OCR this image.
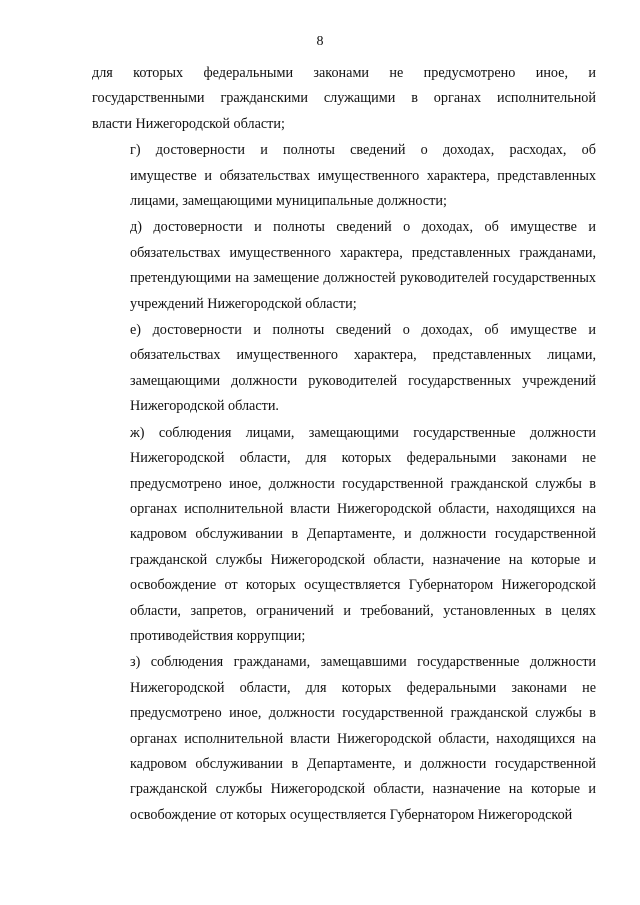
8

для которых федеральными законами не предусмотрено иное, и
государственными гражданскими служащими в органах исполнительной
власти Нижегородской области;

г) достоверности и полноты сведений о доходах, расходах, об
имуществе и обязательствах имущественного характера, представленных
лицами, замещающими муниципальные должности;

д) достоверности и полноты сведений о доходах, об имуществе и
обязательствах имущественного характера, представленных гражданами,
претендующими на замещение должностей руководителей государственных
учреждений Нижегородской области;

е) достоверности и полноты сведений о доходах, об имуществе и
обязательствах имущественного характера, представленных лицами,
замещающими должности руководителей государственных учреждений
Нижегородской области.

ж) соблюдения лицами, замещающими государственные должности
Нижегородской области, для которых федеральными законами не
предусмотрено иное, должности государственной гражданской службы в
органах исполнительной власти Нижегородской области, находящихся на
кадровом обслуживании в Департаменте, и должности государственной
гражданской службы Нижегородской области, назначение на которые и
освобождение от которых осуществляется Губернатором Нижегородской
области, запретов, ограничений и требований, установленных в целях
противодействия коррупции;

з) соблюдения гражданами, замещавшими государственные должности
Нижегородской области, для которых федеральными законами не
предусмотрено иное, должности государственной гражданской службы в
органах исполнительной власти Нижегородской области, находящихся на
кадровом обслуживании в Департаменте, и должности государственной
гражданской службы Нижегородской области, назначение на которые и
освобождение от которых осуществляется Губернатором Нижегородской
